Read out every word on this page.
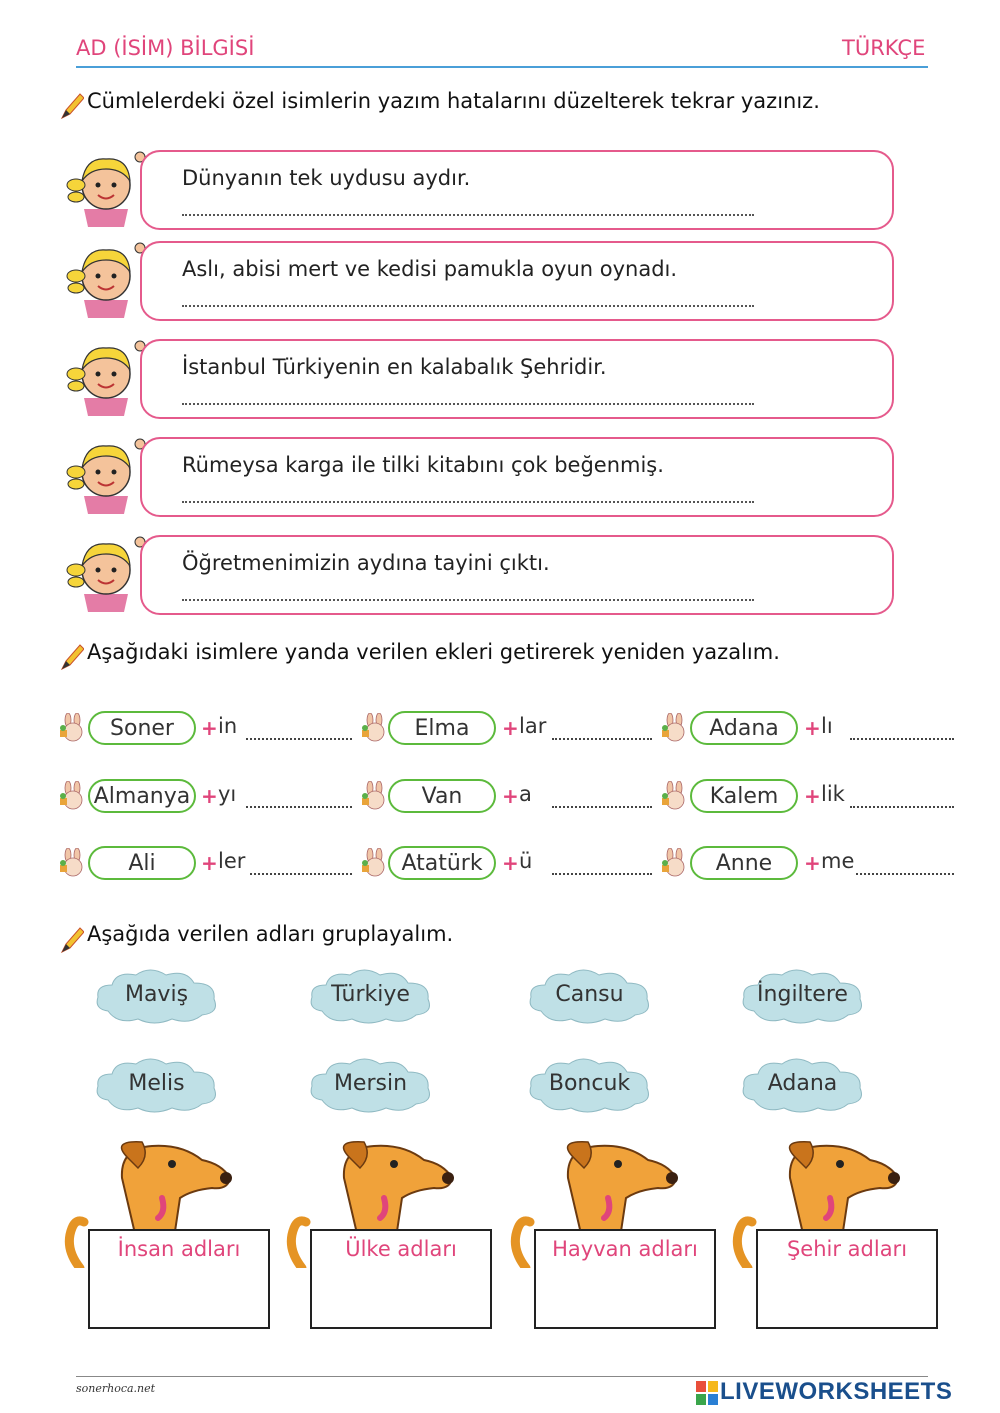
AD (İSİM) BİLGİSİ	TÜRKÇE
Cümlelerdeki özel isimlerin yazım hatalarını düzelterek tekrar yazınız.
Dünyanın tek uydusu aydır.
Aslı, abisi mert ve kedisi pamukla oyun oynadı.
İstanbul Türkiyenin en kalabalık Şehridir.
Rümeysa karga ile tilki kitabını çok beğenmiş.
Öğretmenimizin aydına tayini çıktı.
Aşağıdaki isimlere yanda verilen ekleri getirerek yeniden yazalım.
Soner	+ in	Elma	+ lar	Adana	+ lı
Almanya + yı	Van	+ a	Kalem	+ lik
Ali	+ ler	Atatürk + ü	Anne	+ me
Aşağıda verilen adları gruplayalım.
Maviş	Türkiye	Cansu	İngiltere
Melis	Mersin	Boncuk	Adana
İnsan adları	Ülke adları	Hayvan adları	Şehir adları
sonerhoca.net	LIVEWORKSHEETS
